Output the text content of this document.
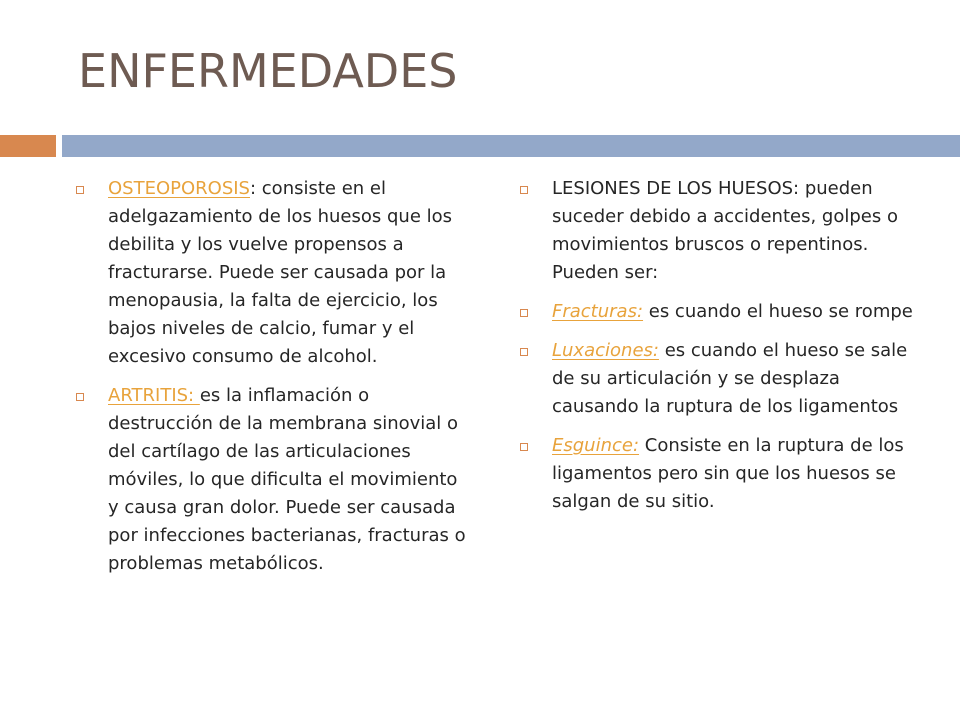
ENFERMEDADES
OSTEOPOROSIS: consiste en el adelgazamiento de los huesos que los debilita y los vuelve propensos a fracturarse. Puede ser causada por la menopausia, la falta de ejercicio, los bajos niveles de calcio, fumar y el excesivo consumo de alcohol.
ARTRITIS: es la inflamación o destrucción de la membrana sinovial o del cartílago de las articulaciones móviles, lo que dificulta el movimiento y causa gran dolor. Puede ser causada por infecciones bacterianas, fracturas o problemas metabólicos.
LESIONES DE LOS HUESOS: pueden suceder debido a accidentes, golpes o movimientos bruscos o repentinos. Pueden ser:
Fracturas: es cuando el hueso se rompe
Luxaciones: es cuando el hueso se sale de su articulación y se desplaza causando la ruptura de los ligamentos
Esguince: Consiste en la ruptura de los ligamentos pero sin que los huesos se salgan de su sitio.
